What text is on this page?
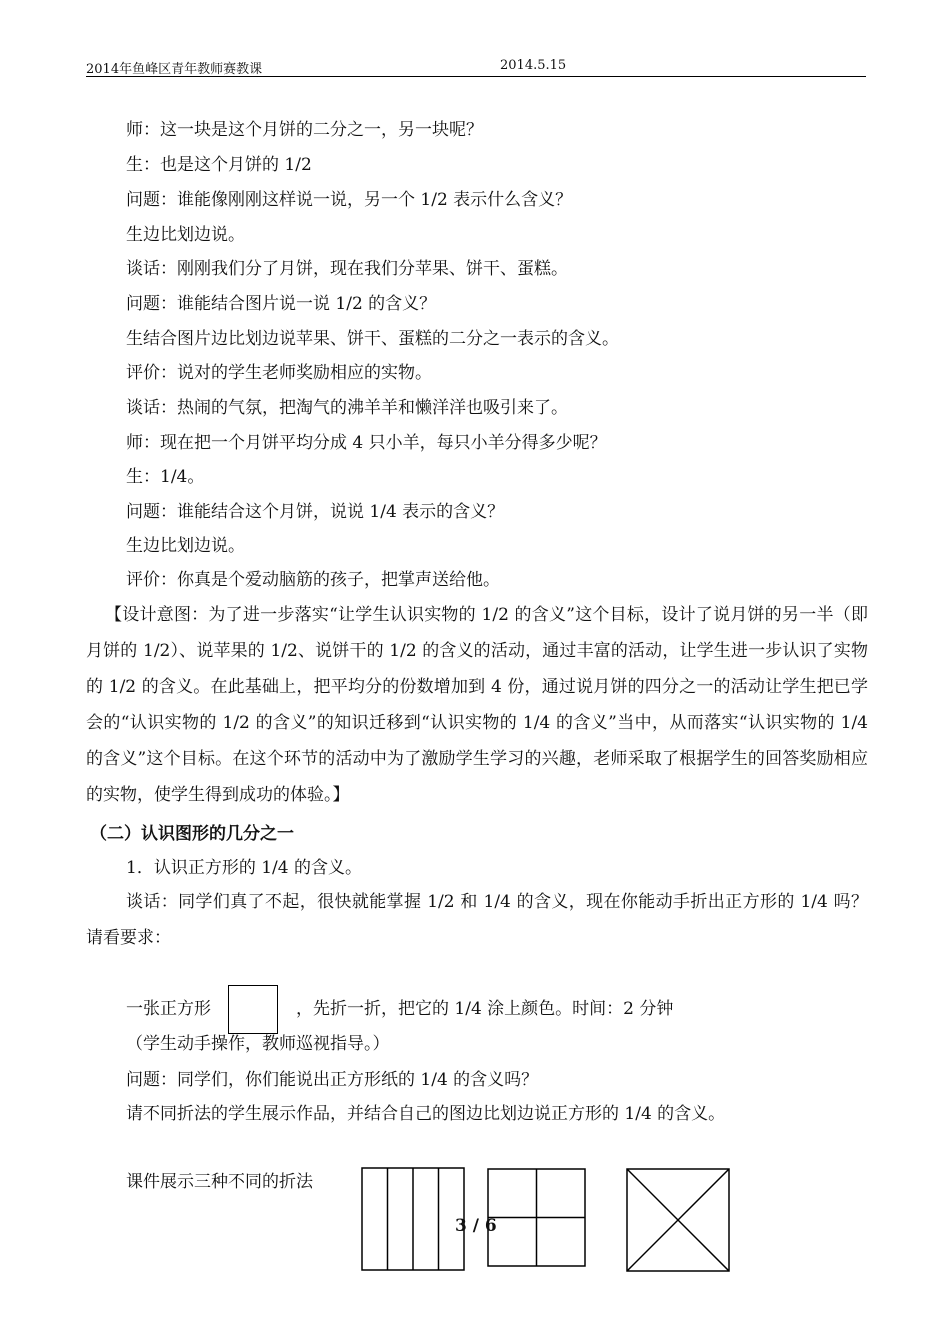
2014年鱼峰区青年教师赛教课	2014.5.15
师：这一块是这个月饼的二分之一，另一块呢？
生：也是这个月饼的 1/2
问题：谁能像刚刚这样说一说，另一个 1/2 表示什么含义？
生边比划边说。
谈话：刚刚我们分了月饼，现在我们分苹果、饼干、蛋糕。
问题：谁能结合图片说一说 1/2 的含义？
生结合图片边比划边说苹果、饼干、蛋糕的二分之一表示的含义。
评价：说对的学生老师奖励相应的实物。
谈话：热闹的气氛，把淘气的沸羊羊和懒洋洋也吸引来了。
师：现在把一个月饼平均分成 4 只小羊，每只小羊分得多少呢？
生：1/4。
问题：谁能结合这个月饼，说说 1/4 表示的含义？
生边比划边说。
评价：你真是个爱动脑筋的孩子，把掌声送给他。
【设计意图：为了进一步落实“让学生认识实物的 1/2 的含义”这个目标，设计了说月饼的另一半（即月饼的 1/2）、说苹果的 1/2、说饼干的 1/2 的含义的活动，通过丰富的活动，让学生进一步认识了实物的 1/2 的含义。在此基础上，把平均分的份数增加到 4 份，通过说月饼的四分之一的活动让学生把已学会的“认识实物的 1/2 的含义”的知识迁移到“认识实物的 1/4 的含义”当中，从而落实“认识实物的 1/4 的含义”这个目标。在这个环节的活动中为了激励学生学习的兴趣，老师采取了根据学生的回答奖励相应的实物，使学生得到成功的体验。】
（二）认识图形的几分之一
1．认识正方形的 1/4 的含义。
谈话：同学们真了不起，很快就能掌握 1/2 和 1/4 的含义，现在你能动手折出正方形的 1/4 吗？请看要求：
一张正方形	，先折一折，把它的 1/4 涂上颜色。时间：2 分钟
（学生动手操作，教师巡视指导。）
问题：同学们，你们能说出正方形纸的 1/4 的含义吗？
请不同折法的学生展示作品，并结合自己的图边比划边说正方形的 1/4 的含义。
课件展示三种不同的折法
3 / 6
